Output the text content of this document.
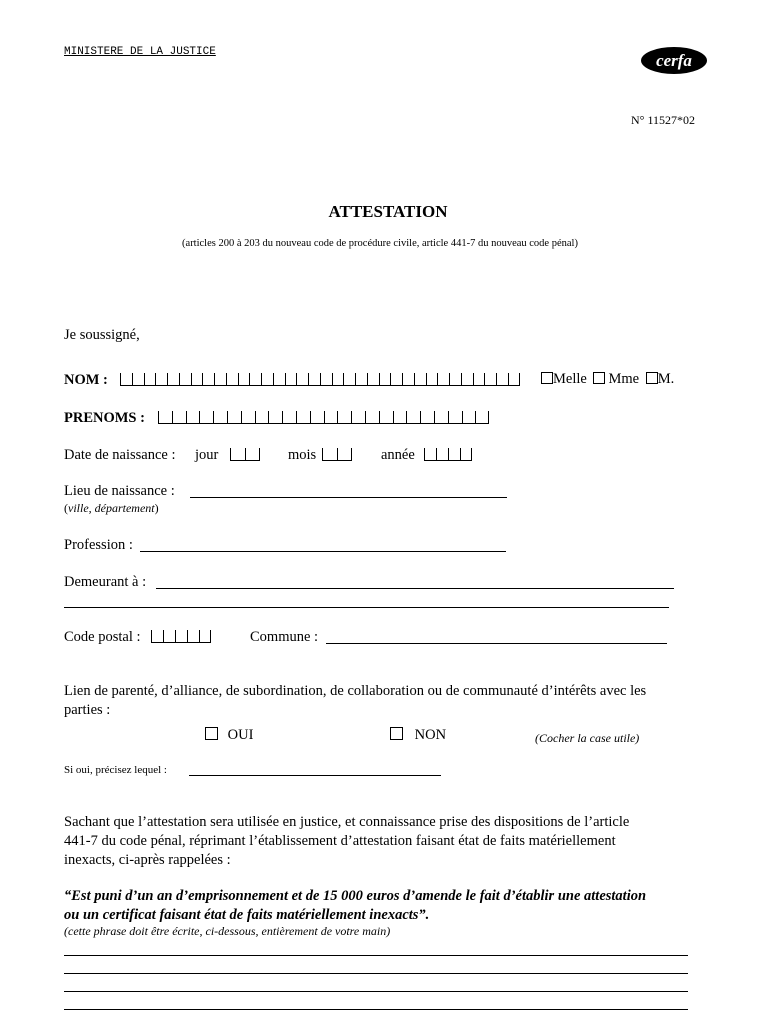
MINISTERE DE LA JUSTICE	cerfa
N° 11527*02
ATTESTATION
(articles 200 à 203 du nouveau code de procédure civile, article 441-7 du nouveau code pénal)
Je soussigné,
NOM :	Melle Mme M.
PRENOMS :
Date de naissance : jour	mois	année
Lieu de naissance :
(ville, département)
Profession :
Demeurant à :
Code postal :	Commune :
Lien de parenté, d’alliance, de subordination, de collaboration ou de communauté d’intérêts avec les
parties :
OUI	NON	(Cocher la case utile)
Si oui, précisez lequel :
Sachant que l’attestation sera utilisée en justice, et connaissance prise des dispositions de l’article
441-7 du code pénal, réprimant l’établissement d’attestation faisant état de faits matériellement
inexacts, ci-après rappelées :
“Est puni d’un an d’emprisonnement et de 15 000 euros d’amende le fait d’établir une attestation
ou un certificat faisant état de faits matériellement inexacts”.
(cette phrase doit être écrite, ci-dessous, entièrement de votre main)
